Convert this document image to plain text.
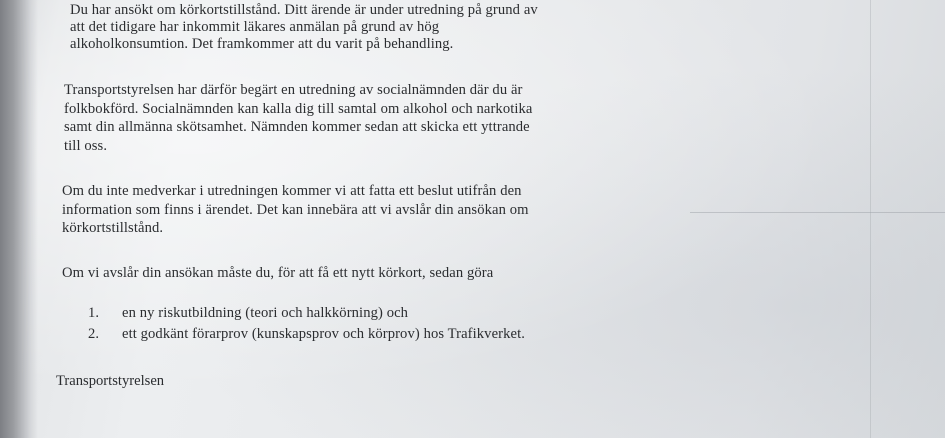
Du har ansökt om körkortstillstånd. Ditt ärende är under utredning på grund av
att det tidigare har inkommit läkares anmälan på grund av hög
alkoholkonsumtion. Det framkommer att du varit på behandling.
Transportstyrelsen har därför begärt en utredning av socialnämnden där du är
folkbokförd. Socialnämnden kan kalla dig till samtal om alkohol och narkotika
samt din allmänna skötsamhet. Nämnden kommer sedan att skicka ett yttrande
till oss.
Om du inte medverkar i utredningen kommer vi att fatta ett beslut utifrån den
information som finns i ärendet. Det kan innebära att vi avslår din ansökan om
körkortstillstånd.
Om vi avslår din ansökan måste du, för att få ett nytt körkort, sedan göra
1. en ny riskutbildning (teori och halkkörning) och
2. ett godkänt förarprov (kunskapsprov och körprov) hos Trafikverket.
Transportstyrelsen
